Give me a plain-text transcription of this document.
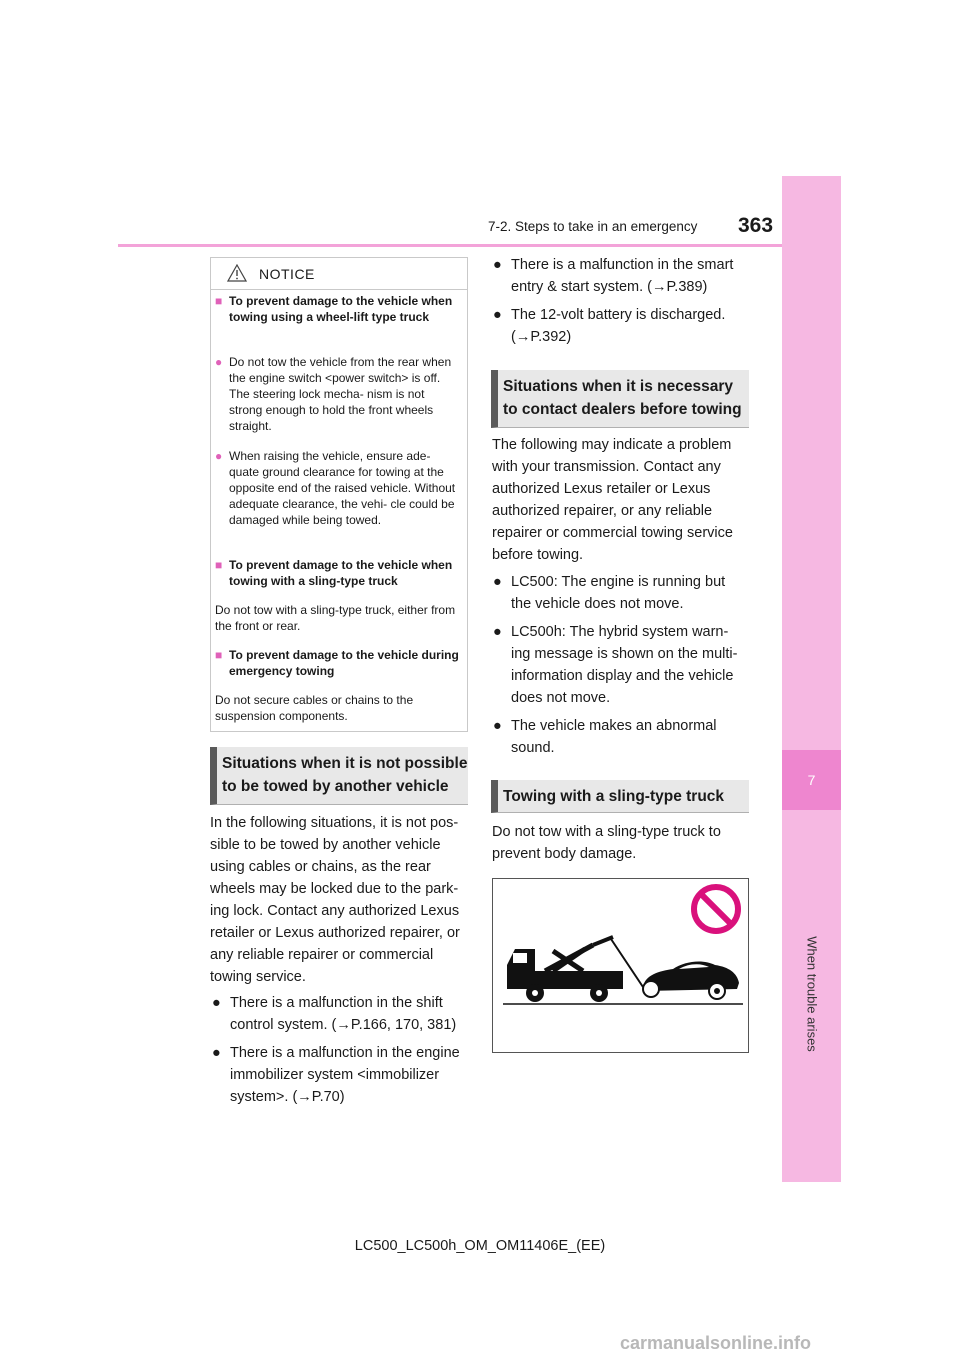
7-2. Steps to take in an emergency 363
7
When trouble arises
NOTICE
■ To prevent damage to the vehicle when towing using a wheel-lift type truck
● Do not tow the vehicle from the rear when the engine switch <power switch> is off. The steering lock mecha- nism is not strong enough to hold the front wheels straight.
● When raising the vehicle, ensure ade- quate ground clearance for towing at the opposite end of the raised vehicle. Without adequate clearance, the vehi- cle could be damaged while being towed.
■ To prevent damage to the vehicle when towing with a sling-type truck
Do not tow with a sling-type truck, either from the front or rear.
■ To prevent damage to the vehicle during emergency towing
Do not secure cables or chains to the suspension components.
Situations when it is not possible to be towed by another vehicle
In the following situations, it is not pos- sible to be towed by another vehicle using cables or chains, as the rear wheels may be locked due to the park- ing lock. Contact any authorized Lexus retailer or Lexus authorized repairer, or any reliable repairer or commercial towing service.
● There is a malfunction in the shift control system. (→P.166, 170, 381)
● There is a malfunction in the engine immobilizer system <immobilizer system>. (→P.70)
● There is a malfunction in the smart entry & start system. (→P.389)
● The 12-volt battery is discharged. (→P.392)
Situations when it is necessary to contact dealers before towing
The following may indicate a problem with your transmission. Contact any authorized Lexus retailer or Lexus authorized repairer, or any reliable repairer or commercial towing service before towing.
● LC500: The engine is running but the vehicle does not move.
● LC500h: The hybrid system warn- ing message is shown on the multi- information display and the vehicle does not move.
● The vehicle makes an abnormal sound.
Towing with a sling-type truck
Do not tow with a sling-type truck to prevent body damage.
LC500_LC500h_OM_OM11406E_(EE)
carmanualsonline.info
